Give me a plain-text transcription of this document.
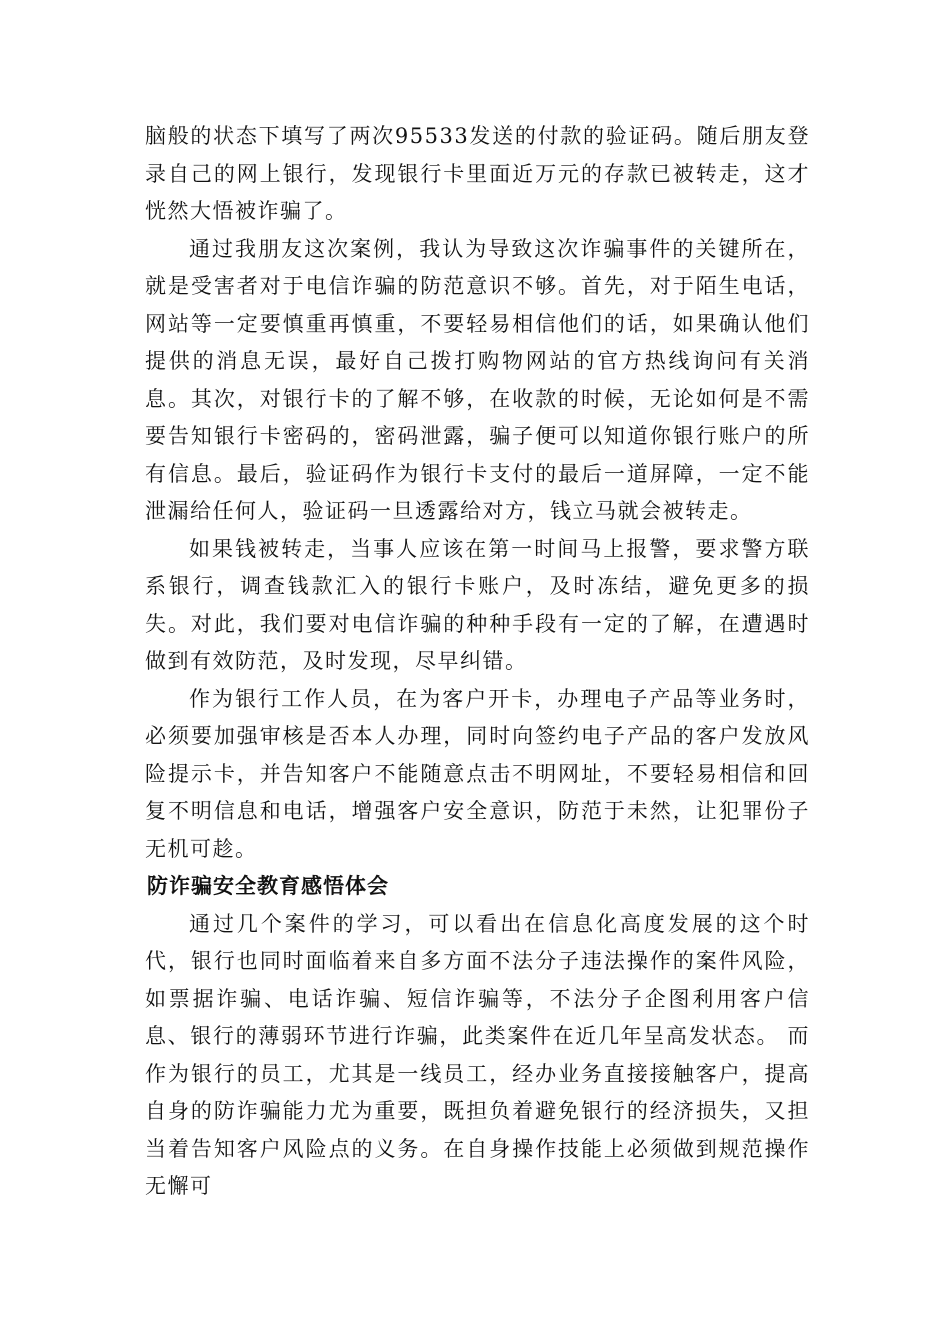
脑般的状态下填写了两次95533发送的付款的验证码。随后朋友登录自己的网上银行，发现银行卡里面近万元的存款已被转走，这才恍然大悟被诈骗了。

通过我朋友这次案例，我认为导致这次诈骗事件的关键所在，就是受害者对于电信诈骗的防范意识不够。首先，对于陌生电话，网站等一定要慎重再慎重，不要轻易相信他们的话，如果确认他们提供的消息无误，最好自己拨打购物网站的官方热线询问有关消息。其次，对银行卡的了解不够，在收款的时候，无论如何是不需要告知银行卡密码的，密码泄露，骗子便可以知道你银行账户的所有信息。最后，验证码作为银行卡支付的最后一道屏障，一定不能泄漏给任何人，验证码一旦透露给对方，钱立马就会被转走。

如果钱被转走，当事人应该在第一时间马上报警，要求警方联系银行，调查钱款汇入的银行卡账户，及时冻结，避免更多的损失。对此，我们要对电信诈骗的种种手段有一定的了解，在遭遇时做到有效防范，及时发现，尽早纠错。

作为银行工作人员，在为客户开卡，办理电子产品等业务时，必须要加强审核是否本人办理，同时向签约电子产品的客户发放风险提示卡，并告知客户不能随意点击不明网址，不要轻易相信和回复不明信息和电话，增强客户安全意识，防范于未然，让犯罪份子无机可趁。

防诈骗安全教育感悟体会

通过几个案件的学习，可以看出在信息化高度发展的这个时代，银行也同时面临着来自多方面不法分子违法操作的案件风险，如票据诈骗、电话诈骗、短信诈骗等，不法分子企图利用客户信息、银行的薄弱环节进行诈骗，此类案件在近几年呈高发状态。 而作为银行的员工，尤其是一线员工，经办业务直接接触客户，提高自身的防诈骗能力尤为重要，既担负着避免银行的经济损失，又担当着告知客户风险点的义务。在自身操作技能上必须做到规范操作无懈可
